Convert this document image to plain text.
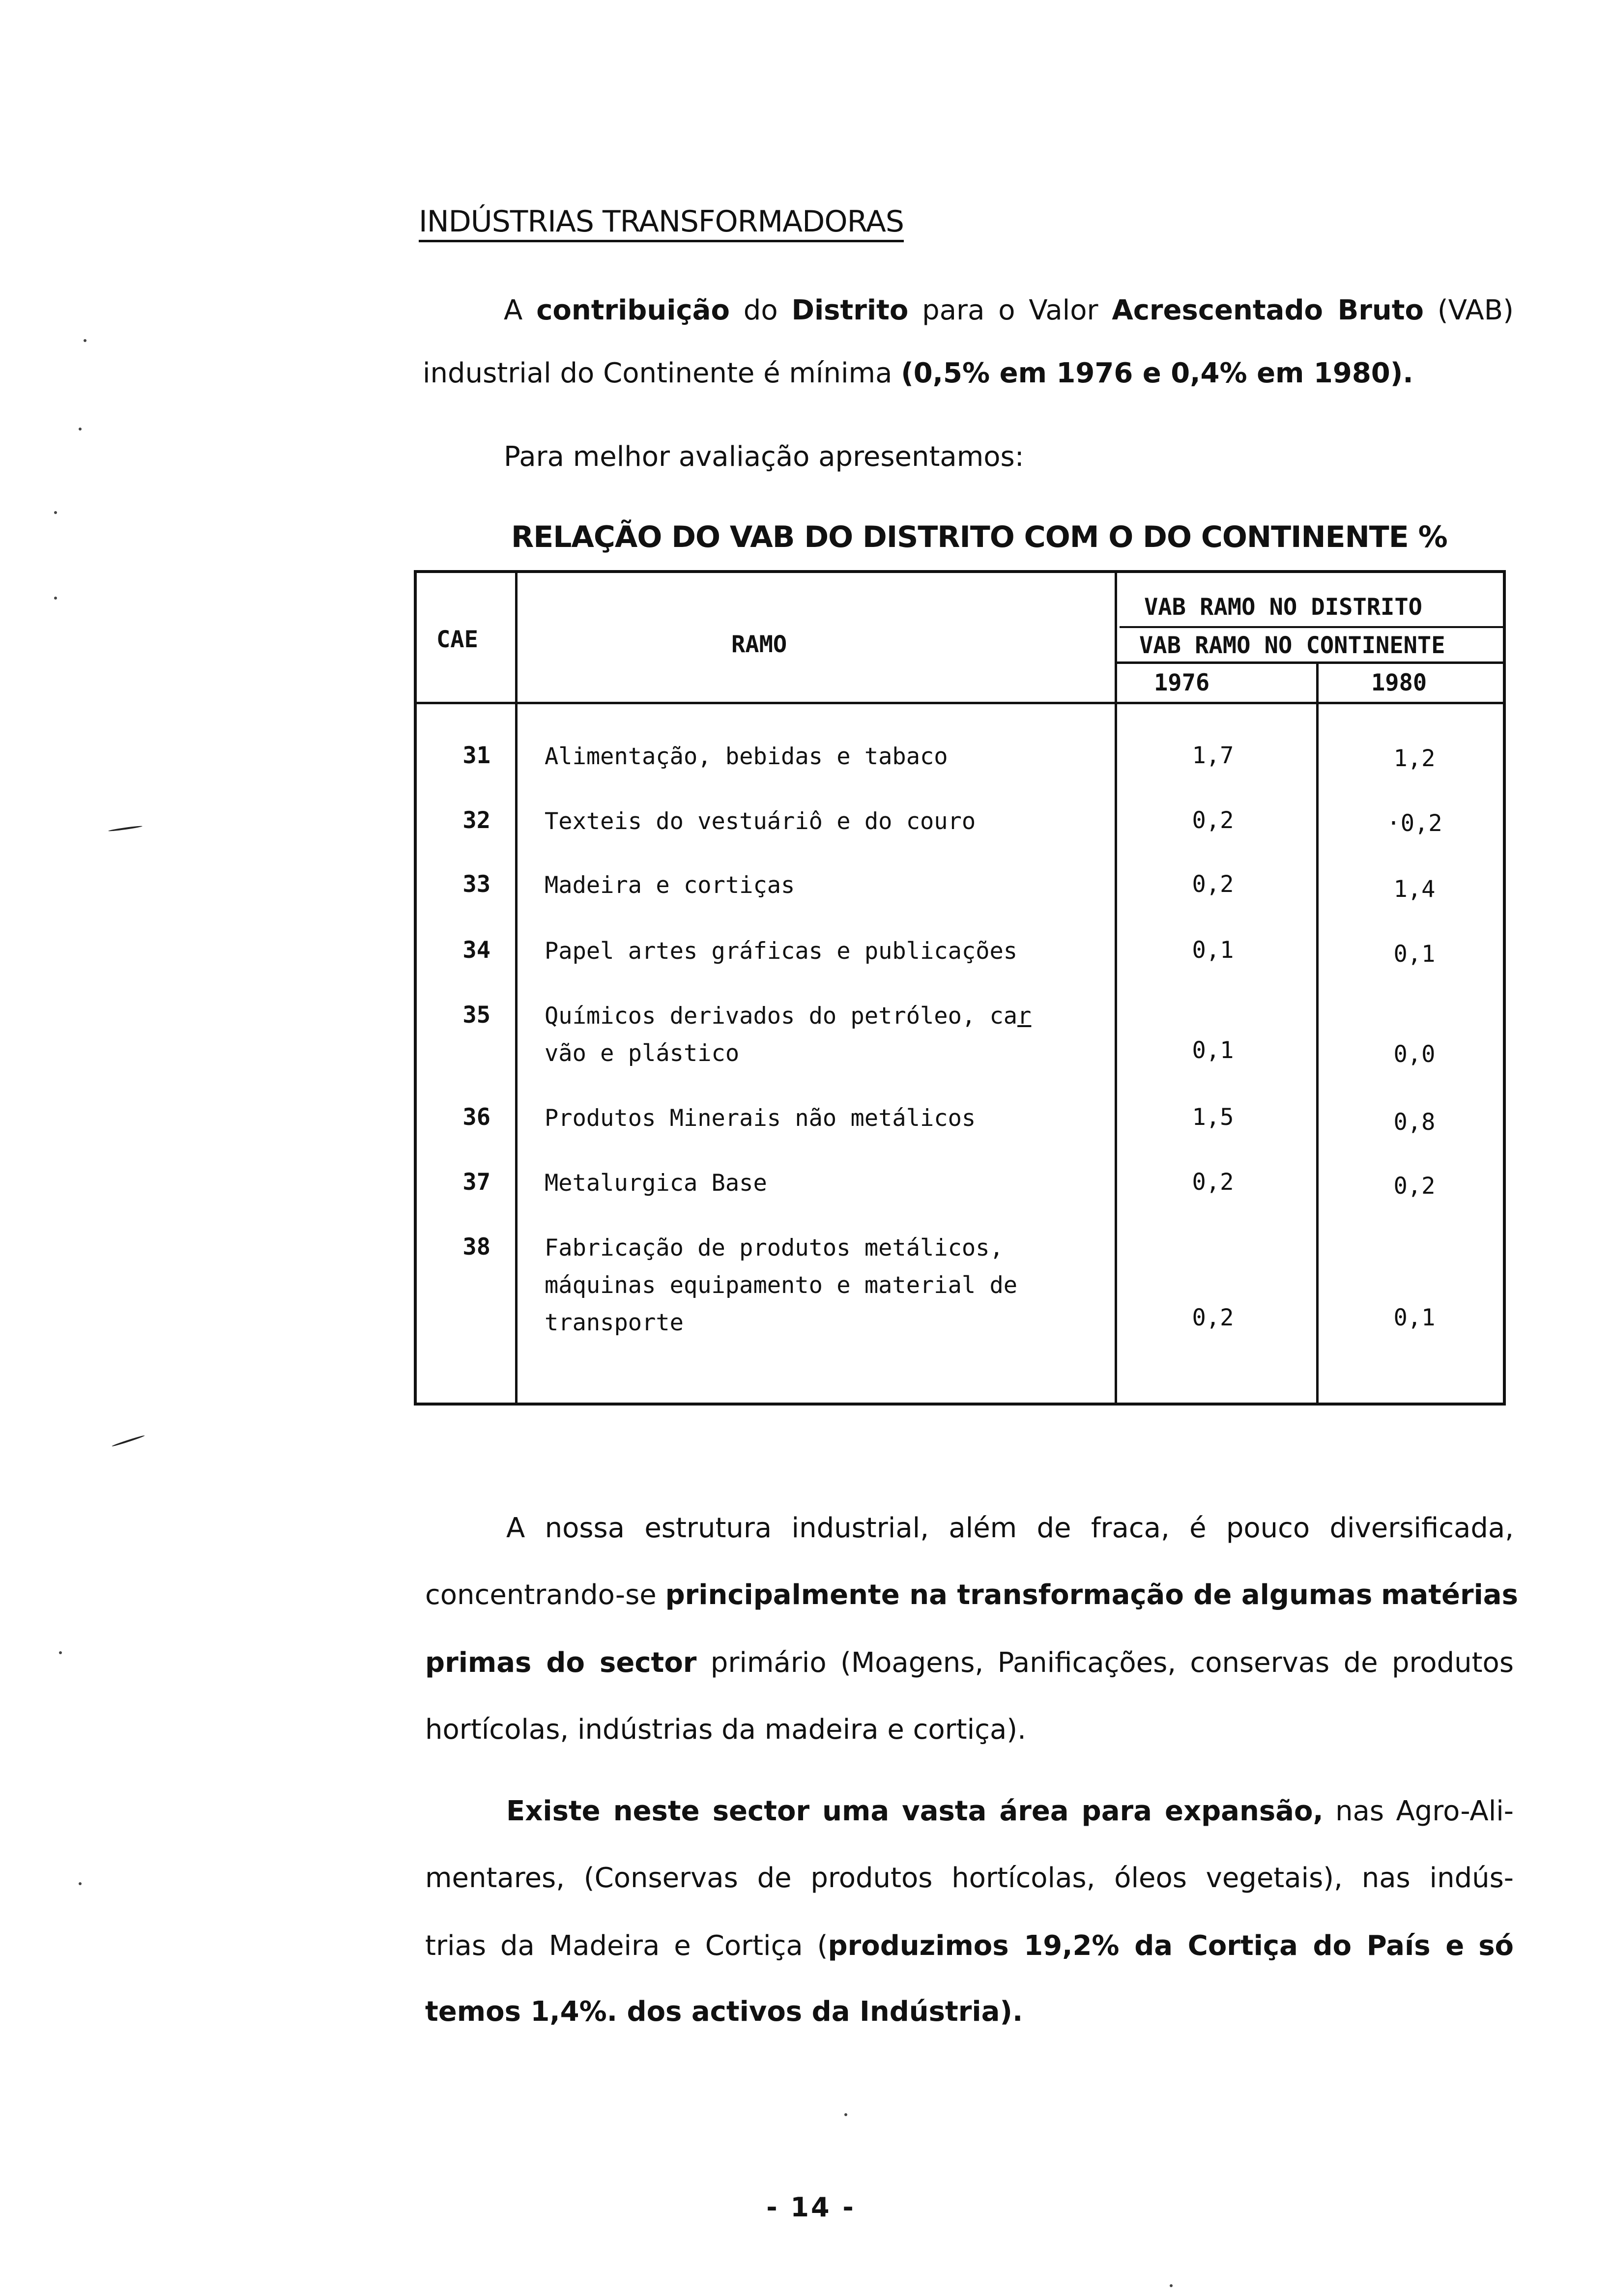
INDÚSTRIAS TRANSFORMADORAS
A contribuição do Distrito para o Valor Acrescentado Bruto (VAB)
industrial do Continente é mínima (0,5% em 1976 e 0,4% em 1980).
Para melhor avaliação apresentamos:
RELAÇÃO DO VAB DO DISTRITO COM O DO CONTINENTE %
CAE	RAMO
VAB RAMO NO DISTRITO
VAB RAMO NO CONTINENTE
1976	1980
31 Alimentação, bebidas e tabaco	1,7	1,2
32 Texteis do vestuáriô e do couro	0,2	·0,2
33 Madeira e cortiças	0,2	1,4
34 Papel artes gráficas e publicações	0,1	0,1
35 Químicos derivados do petróleo, car
vão e plástico	0,1	0,0
36 Produtos Minerais não metálicos	1,5	0,8
37 Metalurgica Base	0,2	0,2
38 Fabricação de produtos metálicos,
máquinas equipamento e material de
transporte	0,2	0,1
A nossa estrutura industrial, além de fraca, é pouco diversificada,
concentrando-se principalmente na transformação de algumas matérias
primas do sector primário (Moagens, Panificações, conservas de produtos
hortícolas, indústrias da madeira e cortiça).
Existe neste sector uma vasta área para expansão, nas Agro-Ali-
mentares, (Conservas de produtos hortícolas, óleos vegetais), nas indús-
trias da Madeira e Cortiça (produzimos 19,2% da Cortiça do País e só
temos 1,4%. dos activos da Indústria).
- 14 -
